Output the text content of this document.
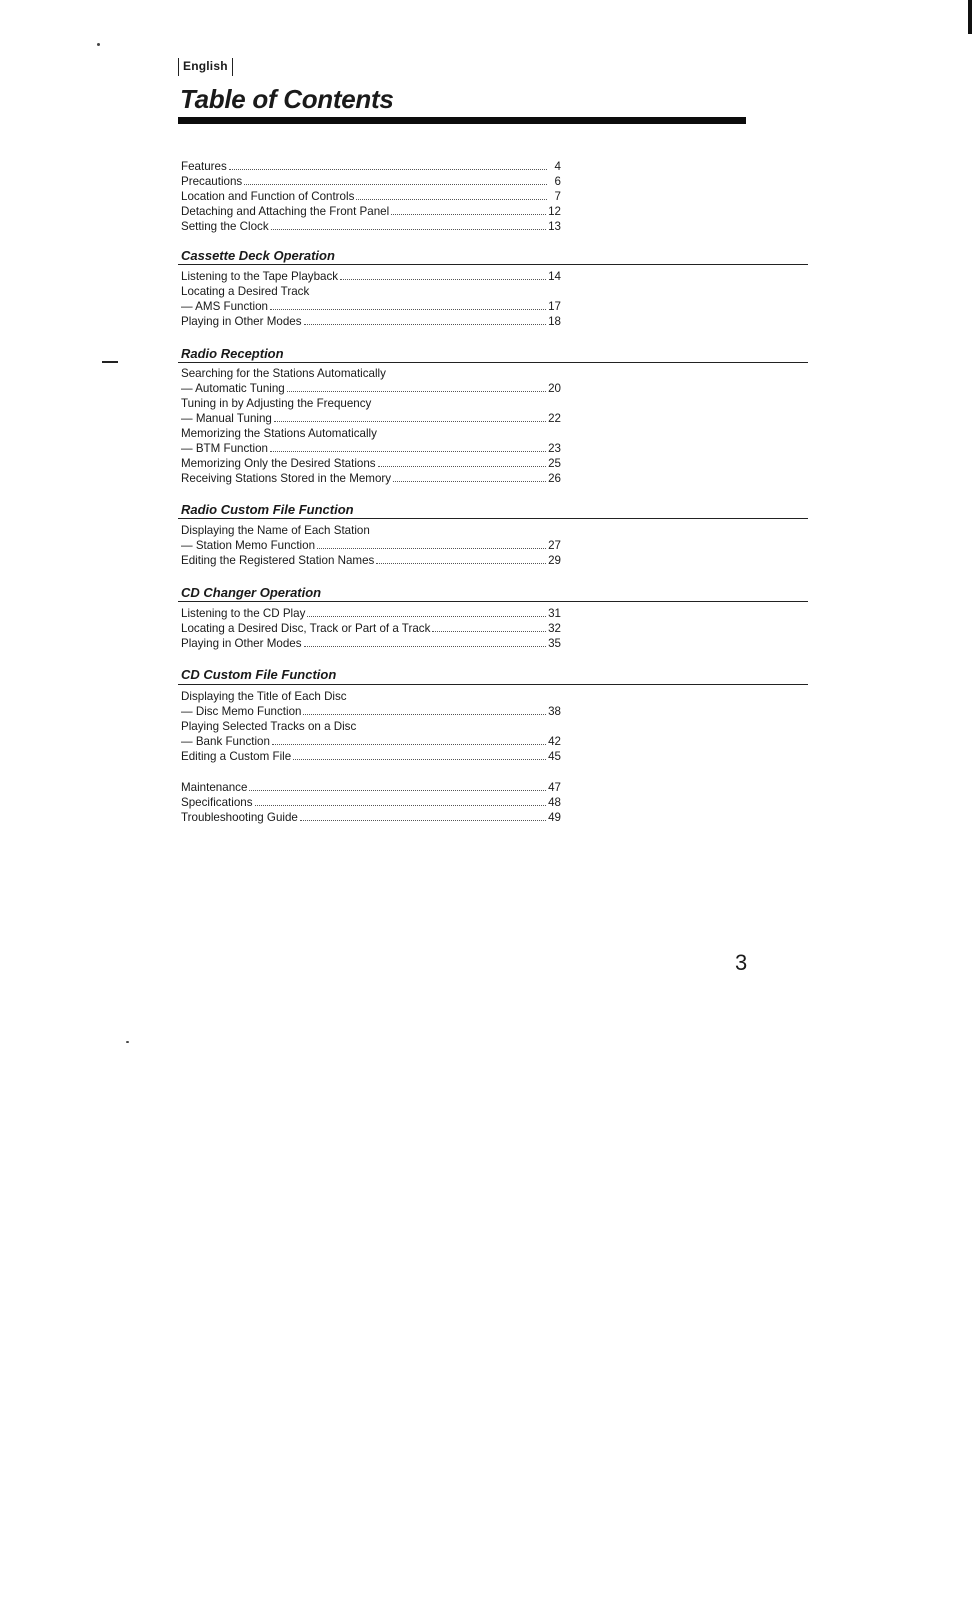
English
Table of Contents
Features	4
Precautions	6
Location and Function of Controls	7
Detaching and Attaching the Front Panel	12
Setting the Clock	13
Cassette Deck Operation
Listening to the Tape Playback	14
Locating a Desired Track
— AMS Function	17
Playing in Other Modes	18
Radio Reception
Searching for the Stations Automatically
— Automatic Tuning	20
Tuning in by Adjusting the Frequency
— Manual Tuning	22
Memorizing the Stations Automatically
— BTM Function	23
Memorizing Only the Desired Stations	25
Receiving Stations Stored in the Memory	26
Radio Custom File Function
Displaying the Name of Each Station
— Station Memo Function	27
Editing the Registered Station Names	29
CD Changer Operation
Listening to the CD Play	31
Locating a Desired Disc, Track or Part of a Track	32
Playing in Other Modes	35
CD Custom File Function
Displaying the Title of Each Disc
— Disc Memo Function	38
Playing Selected Tracks on a Disc
— Bank Function	42
Editing a Custom File	45
Maintenance	47
Specifications	48
Troubleshooting Guide	49
3
